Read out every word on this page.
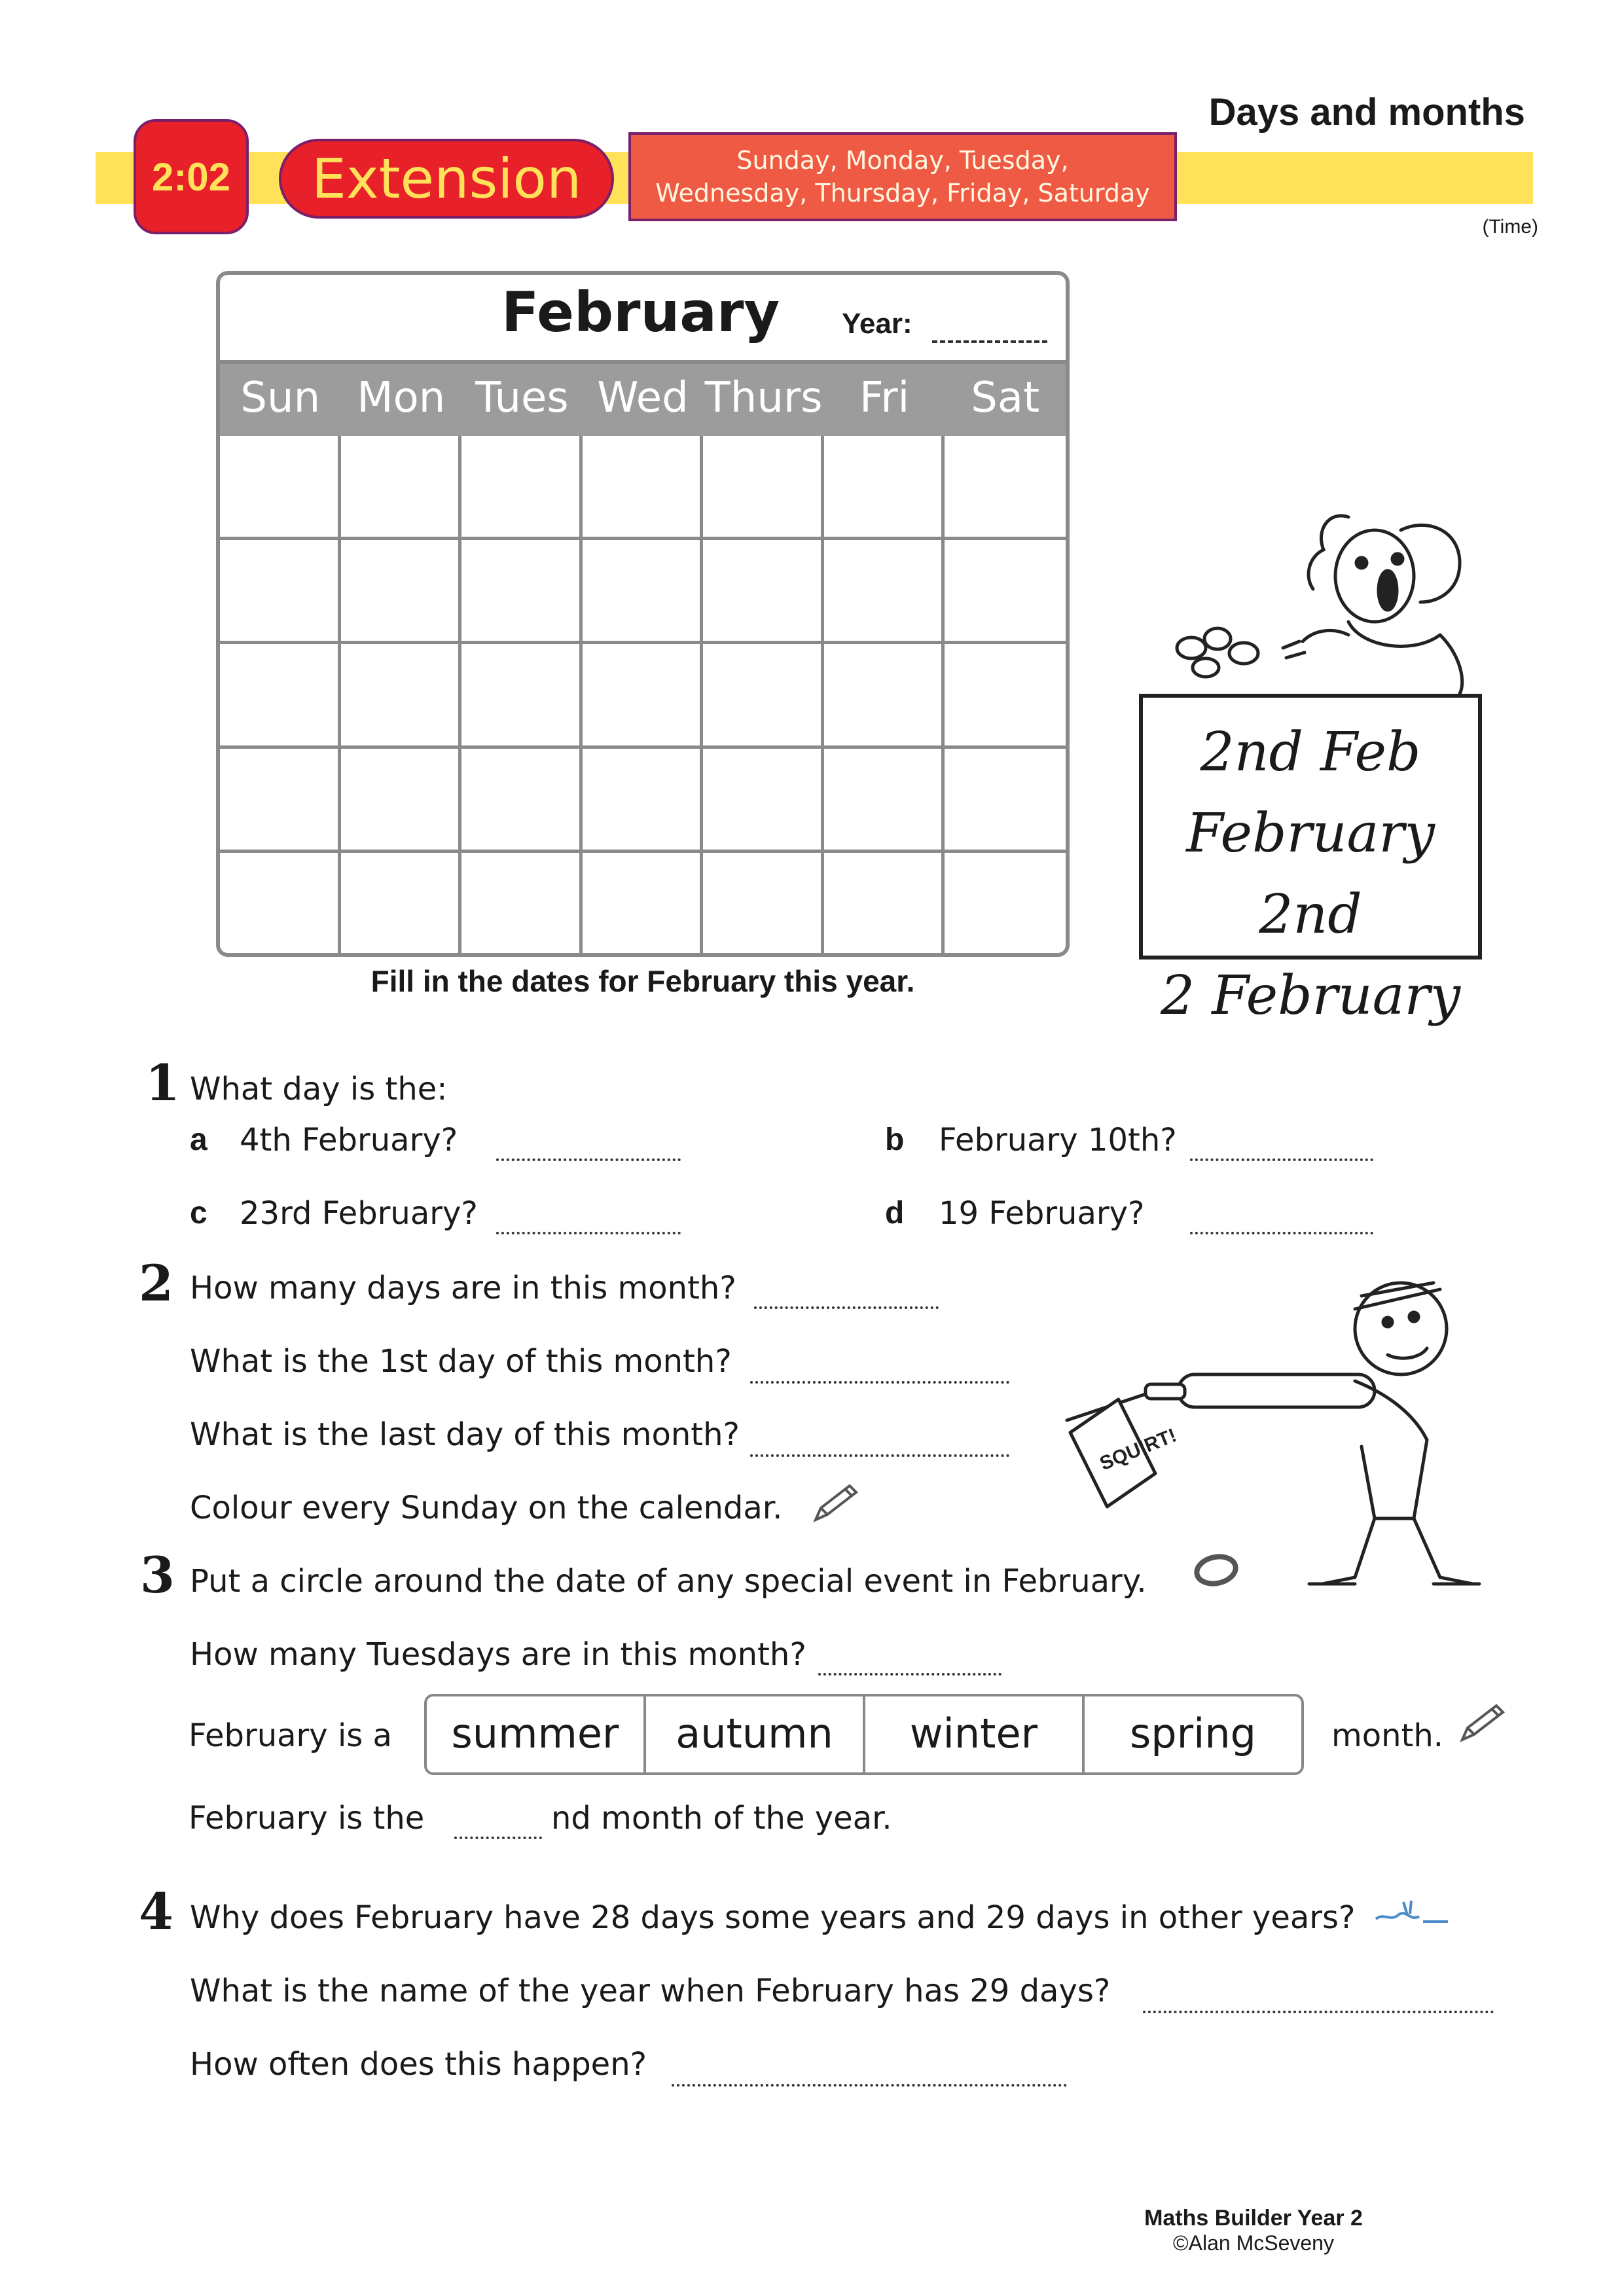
Days and months
2:02	Extension	Sunday, Monday, Tuesday,
Wednesday, Thursday, Friday, Saturday
(Time)
February Year:
Sun Mon Tues Wed Thurs Fri	Sat
Fill in the dates for February this year.
2nd Feb
February 2nd
2 February
1 What day is the:
a 4th February?	b February 10th?
c 23rd February?	d 19 February?
2 How many days are in this month?
What is the 1st day of this month?
What is the last day of this month?
Colour every Sunday on the calendar.
SQUIRT!
3 Put a circle around the date of any special event in February.
How many Tuesdays are in this month?
February is a	summer	autumn	winter	spring	month.
February is the	nd month of the year.
4 Why does February have 28 days some years and 29 days in other years?
What is the name of the year when February has 29 days?
How often does this happen?
Maths Builder Year 2
©Alan McSeveny
